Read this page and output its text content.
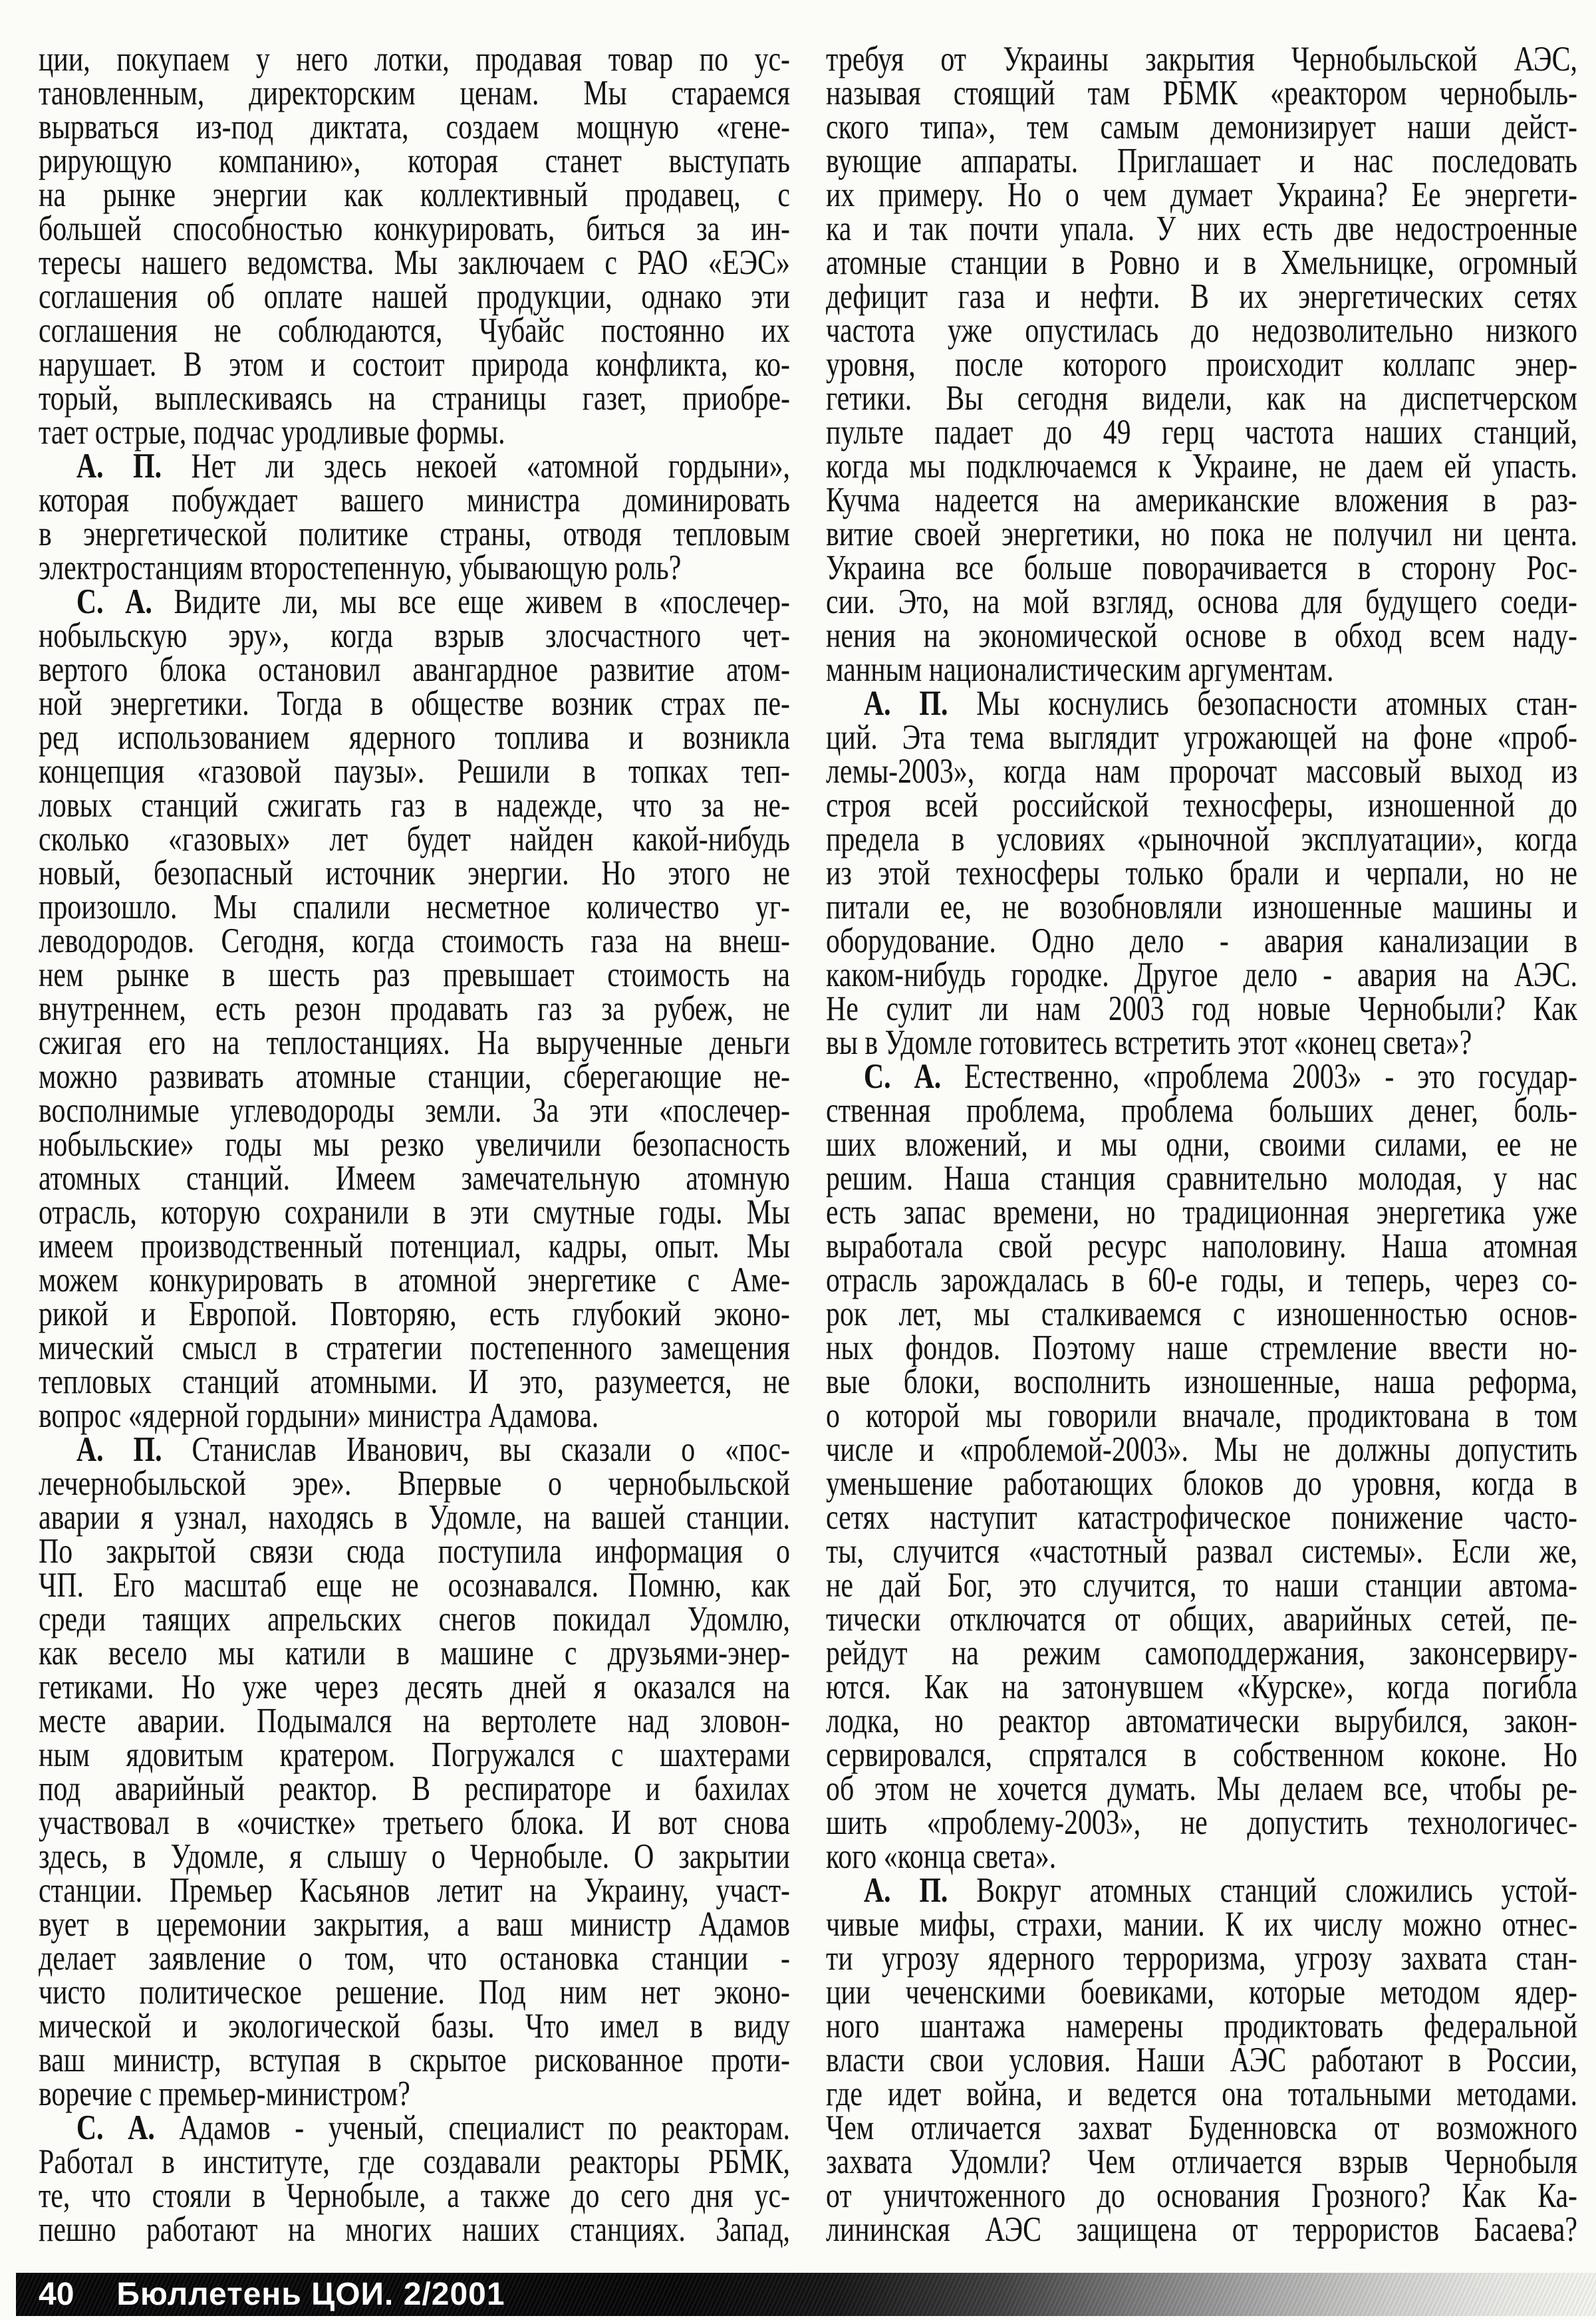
ции, покупаем у него лотки, продавая товар по ус-
тановленным, директорским ценам. Мы стараемся
вырваться из-под диктата, создаем мощную «гене-
рирующую компанию», которая станет выступать
на рынке энергии как коллективный продавец, с
большей способностью конкурировать, биться за ин-
тересы нашего ведомства. Мы заключаем с РАО «ЕЭС»
соглашения об оплате нашей продукции, однако эти
соглашения не соблюдаются, Чубайс постоянно их
нарушает. В этом и состоит природа конфликта, ко-
торый, выплескиваясь на страницы газет, приобре-
тает острые, подчас уродливые формы.
А. П. Нет ли здесь некоей «атомной гордыни»,
которая побуждает вашего министра доминировать
в энергетической политике страны, отводя тепловым
электростанциям второстепенную, убывающую роль?
С. А. Видите ли, мы все еще живем в «послечер-
нобыльскую эру», когда взрыв злосчастного чет-
вертого блока остановил авангардное развитие атом-
ной энергетики. Тогда в обществе возник страх пе-
ред использованием ядерного топлива и возникла
концепция «газовой паузы». Решили в топках теп-
ловых станций сжигать газ в надежде, что за не-
сколько «газовых» лет будет найден какой-нибудь
новый, безопасный источник энергии. Но этого не
произошло. Мы спалили несметное количество уг-
леводородов. Сегодня, когда стоимость газа на внеш-
нем рынке в шесть раз превышает стоимость на
внутреннем, есть резон продавать газ за рубеж, не
сжигая его на теплостанциях. На вырученные деньги
можно развивать атомные станции, сберегающие не-
восполнимые углеводороды земли. За эти «послечер-
нобыльские» годы мы резко увеличили безопасность
атомных станций. Имеем замечательную атомную
отрасль, которую сохранили в эти смутные годы. Мы
имеем производственный потенциал, кадры, опыт. Мы
можем конкурировать в атомной энергетике с Аме-
рикой и Европой. Повторяю, есть глубокий эконо-
мический смысл в стратегии постепенного замещения
тепловых станций атомными. И это, разумеется, не
вопрос «ядерной гордыни» министра Адамова.
А. П. Станислав Иванович, вы сказали о «пос-
лечернобыльской эре». Впервые о чернобыльской
аварии я узнал, находясь в Удомле, на вашей станции.
По закрытой связи сюда поступила информация о
ЧП. Его масштаб еще не осознавался. Помню, как
среди таящих апрельских снегов покидал Удомлю,
как весело мы катили в машине с друзьями-энер-
гетиками. Но уже через десять дней я оказался на
месте аварии. Подымался на вертолете над зловон-
ным ядовитым кратером. Погружался с шахтерами
под аварийный реактор. В респираторе и бахилах
участвовал в «очистке» третьего блока. И вот снова
здесь, в Удомле, я слышу о Чернобыле. О закрытии
станции. Премьер Касьянов летит на Украину, участ-
вует в церемонии закрытия, а ваш министр Адамов
делает заявление о том, что остановка станции -
чисто политическое решение. Под ним нет эконо-
мической и экологической базы. Что имел в виду
ваш министр, вступая в скрытое рискованное проти-
воречие с премьер-министром?
С. А. Адамов - ученый, специалист по реакторам.
Работал в институте, где создавали реакторы РБМК,
те, что стояли в Чернобыле, а также до сего дня ус-
пешно работают на многих наших станциях. Запад,
требуя от Украины закрытия Чернобыльской АЭС,
называя стоящий там РБМК «реактором чернобыль-
ского типа», тем самым демонизирует наши дейст-
вующие аппараты. Приглашает и нас последовать
их примеру. Но о чем думает Украина? Ее энергети-
ка и так почти упала. У них есть две недостроенные
атомные станции в Ровно и в Хмельницке, огромный
дефицит газа и нефти. В их энергетических сетях
частота уже опустилась до недозволительно низкого
уровня, после которого происходит коллапс энер-
гетики. Вы сегодня видели, как на диспетчерском
пульте падает до 49 герц частота наших станций,
когда мы подключаемся к Украине, не даем ей упасть.
Кучма надеется на американские вложения в раз-
витие своей энергетики, но пока не получил ни цента.
Украина все больше поворачивается в сторону Рос-
сии. Это, на мой взгляд, основа для будущего соеди-
нения на экономической основе в обход всем наду-
манным националистическим аргументам.
А. П. Мы коснулись безопасности атомных стан-
ций. Эта тема выглядит угрожающей на фоне «проб-
лемы-2003», когда нам пророчат массовый выход из
строя всей российской техносферы, изношенной до
предела в условиях «рыночной эксплуатации», когда
из этой техносферы только брали и черпали, но не
питали ее, не возобновляли изношенные машины и
оборудование. Одно дело - авария канализации в
каком-нибудь городке. Другое дело - авария на АЭС.
Не сулит ли нам 2003 год новые Чернобыли? Как
вы в Удомле готовитесь встретить этот «конец света»?
С. А. Естественно, «проблема 2003» - это государ-
ственная проблема, проблема больших денег, боль-
ших вложений, и мы одни, своими силами, ее не
решим. Наша станция сравнительно молодая, у нас
есть запас времени, но традиционная энергетика уже
выработала свой ресурс наполовину. Наша атомная
отрасль зарождалась в 60-е годы, и теперь, через со-
рок лет, мы сталкиваемся с изношенностью основ-
ных фондов. Поэтому наше стремление ввести но-
вые блоки, восполнить изношенные, наша реформа,
о которой мы говорили вначале, продиктована в том
числе и «проблемой-2003». Мы не должны допустить
уменьшение работающих блоков до уровня, когда в
сетях наступит катастрофическое понижение часто-
ты, случится «частотный развал системы». Если же,
не дай Бог, это случится, то наши станции автома-
тически отключатся от общих, аварийных сетей, пе-
рейдут на режим самоподдержания, законсервиру-
ются. Как на затонувшем «Курске», когда погибла
лодка, но реактор автоматически вырубился, закон-
сервировался, спрятался в собственном коконе. Но
об этом не хочется думать. Мы делаем все, чтобы ре-
шить «проблему-2003», не допустить технологичес-
кого «конца света».
А. П. Вокруг атомных станций сложились устой-
чивые мифы, страхи, мании. К их числу можно отнес-
ти угрозу ядерного терроризма, угрозу захвата стан-
ции чеченскими боевиками, которые методом ядер-
ного шантажа намерены продиктовать федеральной
власти свои условия. Наши АЭС работают в России,
где идет война, и ведется она тотальными методами.
Чем отличается захват Буденновска от возможного
захвата Удомли? Чем отличается взрыв Чернобыля
от уничтоженного до основания Грозного? Как Ка-
лининская АЭС защищена от террористов Басаева?
40 Бюллетень ЦОИ. 2/2001
